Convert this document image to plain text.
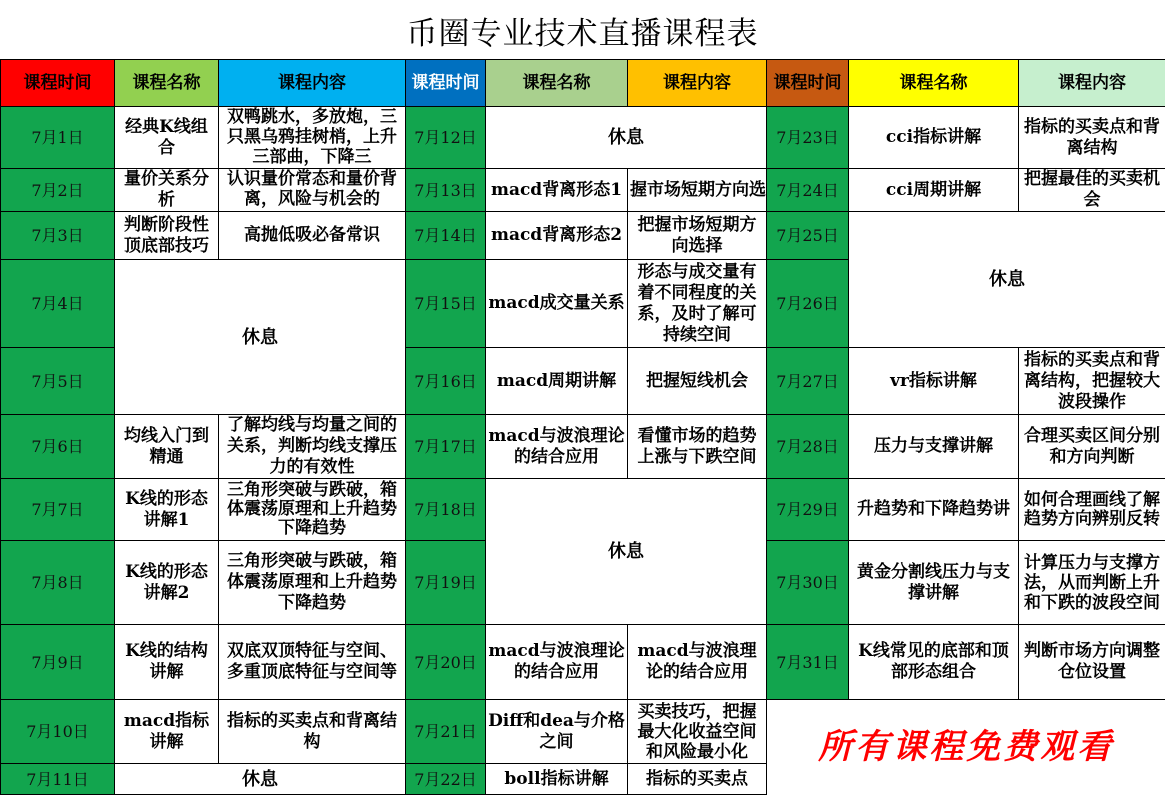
币圈专业技术直播课程表
课程时间	课程名称	课程内容	课程时间	课程名称	课程内容	课程时间	课程名称	课程内容
7月1日	经典K线组合	双鸭跳水，多放炮，三只黑乌鸦挂树梢，上升三部曲，下降三	7月12日	休息		7月23日	cci指标讲解	指标的买卖点和背离结构
7月2日	量价关系分析	认识量价常态和量价背离，风险与机会的	7月13日	macd背离形态1	握市场短期方向选	7月24日	cci周期讲解	把握最佳的买卖机会
7月3日	判断阶段性顶底部技巧	高抛低吸必备常识	7月14日	macd背离形态2	把握市场短期方向选择	7月25日	休息	
7月4日	休息		7月15日	macd成交量关系	形态与成交量有着不同程度的关系，及时了解可持续空间	7月26日		
7月5日			7月16日	macd周期讲解	把握短线机会	7月27日	vr指标讲解	指标的买卖点和背离结构，把握较大波段操作
7月6日	均线入门到精通	了解均线与均量之间的关系，判断均线支撑压力的有效性	7月17日	macd与波浪理论的结合应用	看懂市场的趋势上涨与下跌空间	7月28日	压力与支撑讲解	合理买卖区间分别和方向判断
7月7日	K线的形态讲解1	三角形突破与跌破，箱体震荡原理和上升趋势下降趋势	7月18日	休息		7月29日	升趋势和下降趋势讲	如何合理画线了解趋势方向辨别反转
7月8日	K线的形态讲解2	三角形突破与跌破，箱体震荡原理和上升趋势下降趋势	7月19日			7月30日	黄金分割线压力与支撑讲解	计算压力与支撑方法，从而判断上升和下跌的波段空间
7月9日	K线的结构讲解	双底双顶特征与空间、多重顶底特征与空间等	7月20日	macd与波浪理论的结合应用	macd与波浪理论的结合应用	7月31日	K线常见的底部和顶部形态组合	判断市场方向调整仓位设置
7月10日	macd指标讲解	指标的买卖点和背离结构	7月21日	Diff和dea与介格之间	买卖技巧，把握最大化收益空间和风险最小化	所有课程免费观看		
7月11日	休息		7月22日	boll指标讲解	指标的买卖点			
